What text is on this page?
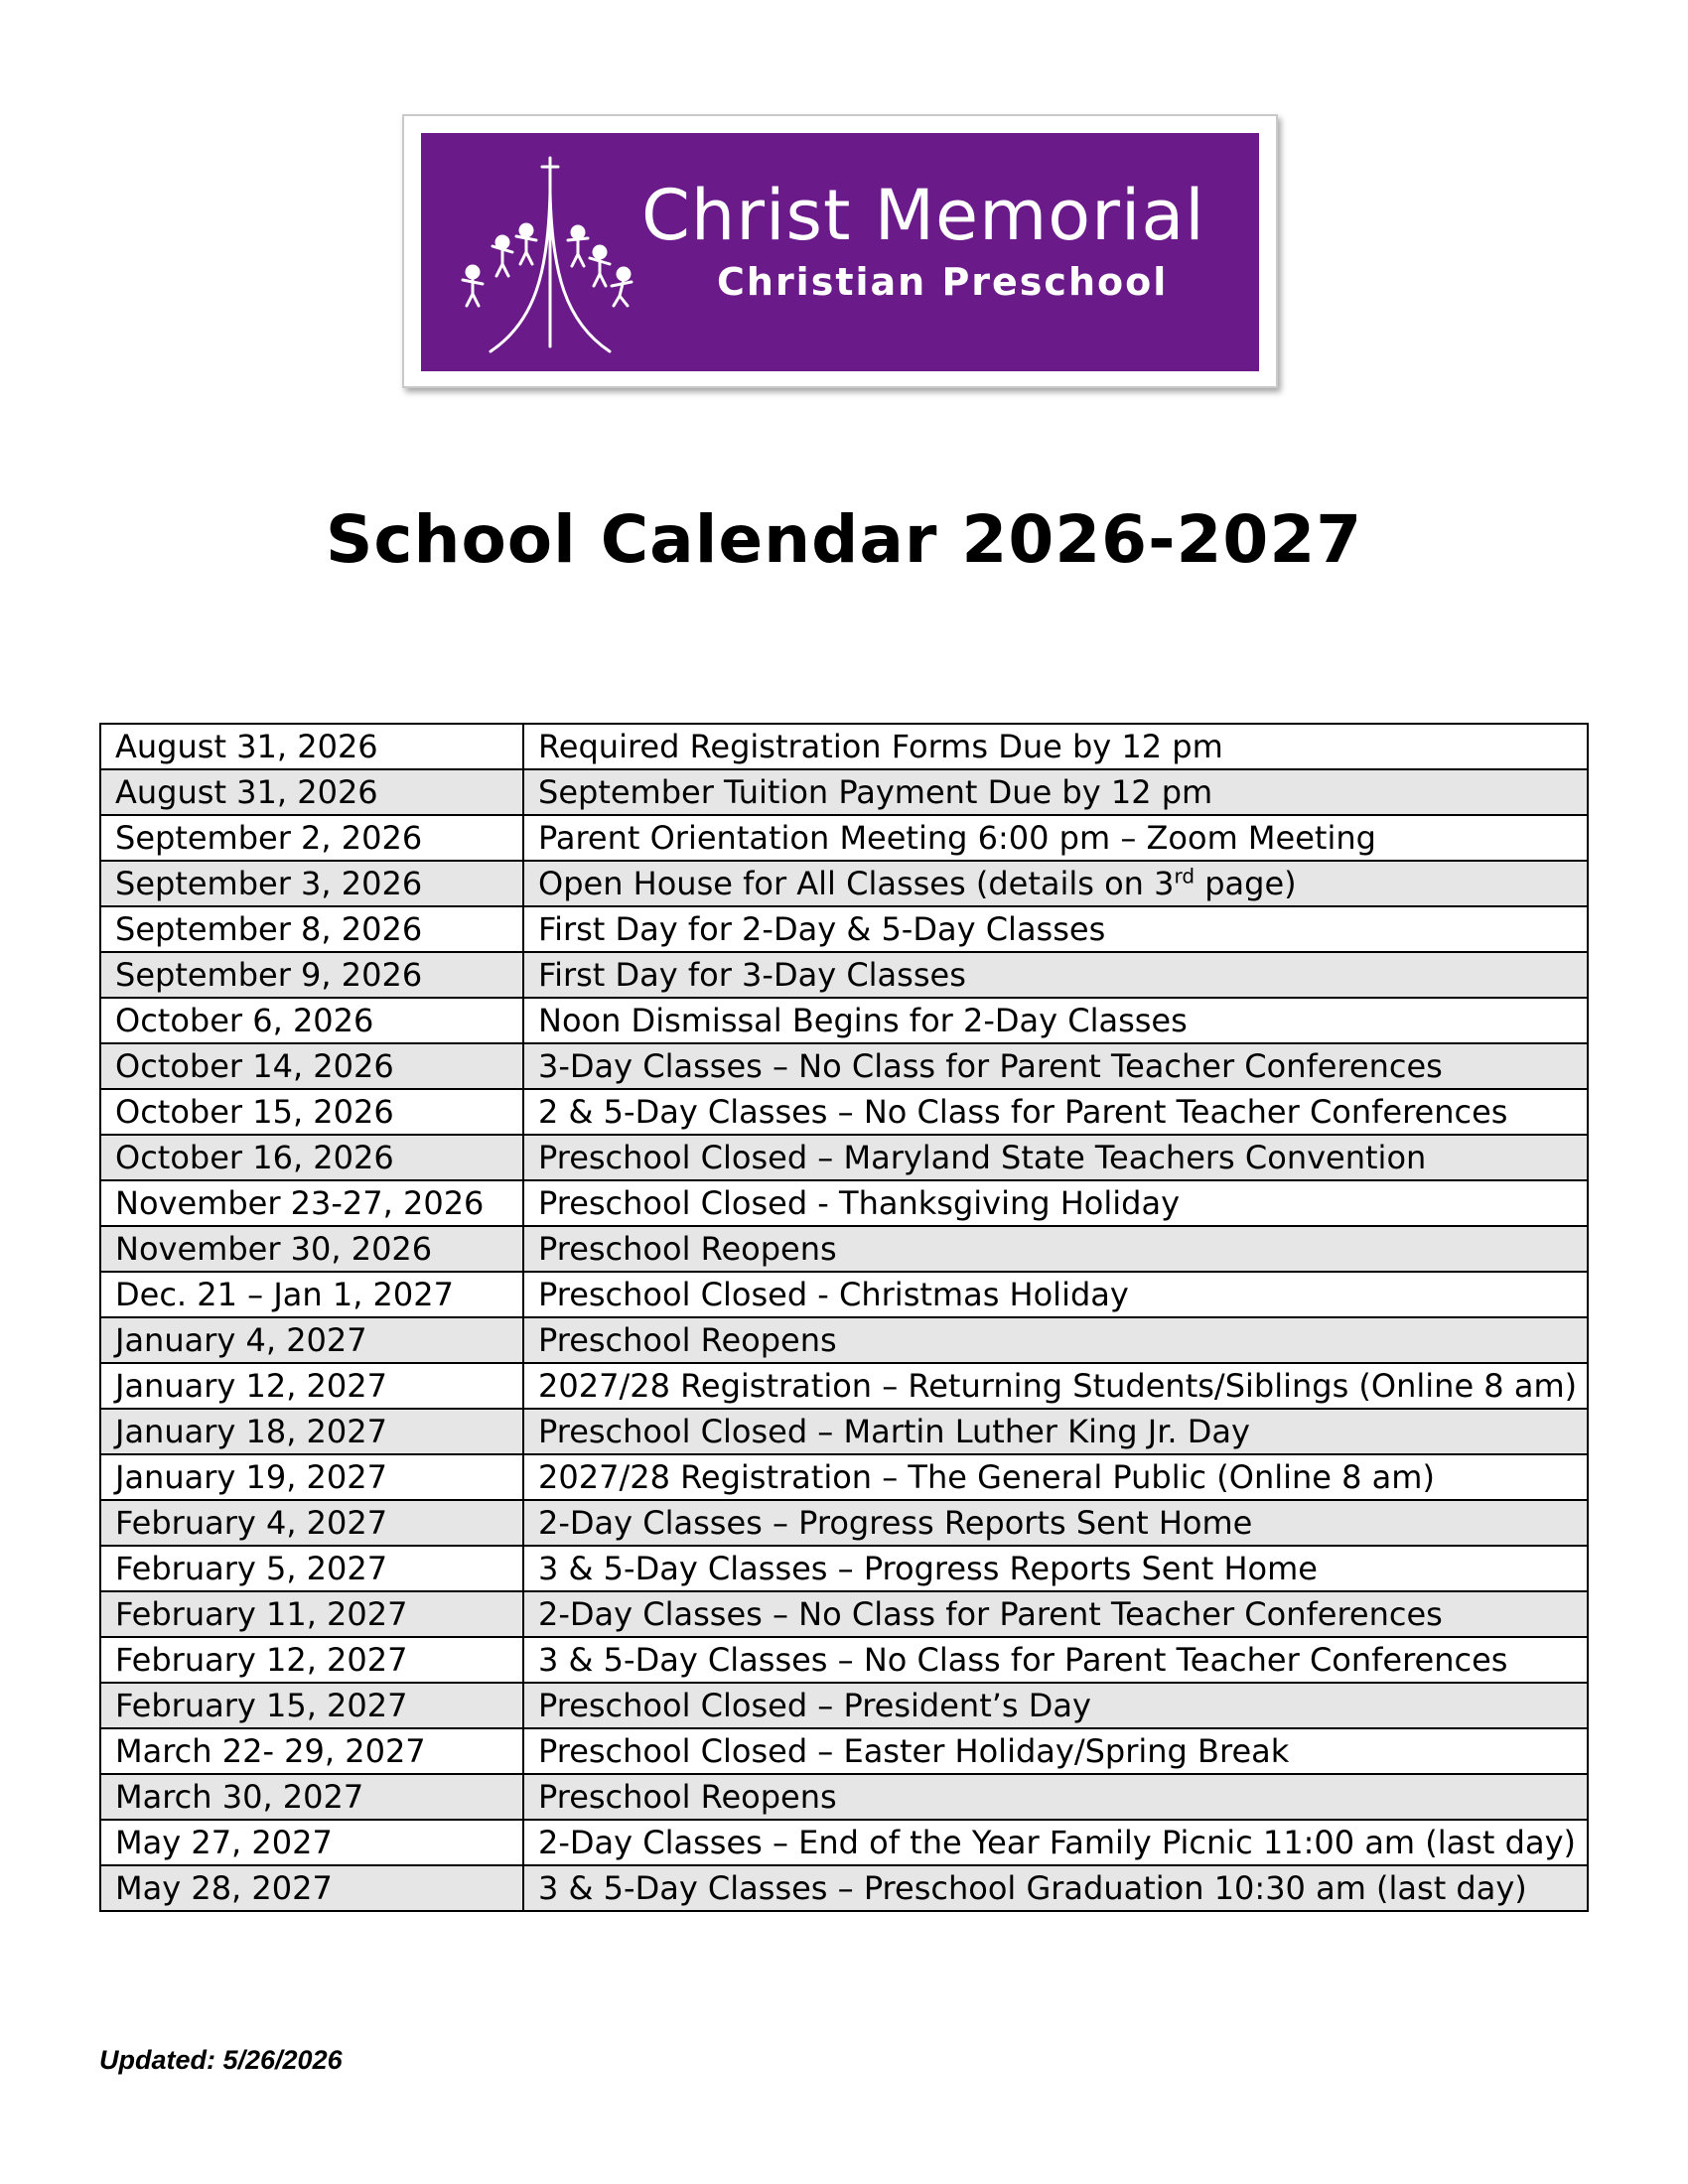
Christ Memorial
Christian Preschool
School Calendar 2026-2027
August 31, 2026	Required Registration Forms Due by 12 pm
August 31, 2026	September Tuition Payment Due by 12 pm
September 2, 2026	Parent Orientation Meeting 6:00 pm – Zoom Meeting
September 3, 2026	Open House for All Classes (details on 3rd page)
September 8, 2026	First Day for 2-Day & 5-Day Classes
September 9, 2026	First Day for 3-Day Classes
October 6, 2026	Noon Dismissal Begins for 2-Day Classes
October 14, 2026	3-Day Classes – No Class for Parent Teacher Conferences
October 15, 2026	2 & 5-Day Classes – No Class for Parent Teacher Conferences
October 16, 2026	Preschool Closed – Maryland State Teachers Convention
November 23-27, 2026	Preschool Closed - Thanksgiving Holiday
November 30, 2026	Preschool Reopens
Dec. 21 – Jan 1, 2027	Preschool Closed - Christmas Holiday
January 4, 2027	Preschool Reopens
January 12, 2027	2027/28 Registration – Returning Students/Siblings (Online 8 am)
January 18, 2027	Preschool Closed – Martin Luther King Jr. Day
January 19, 2027	2027/28 Registration – The General Public (Online 8 am)
February 4, 2027	2-Day Classes – Progress Reports Sent Home
February 5, 2027	3 & 5-Day Classes – Progress Reports Sent Home
February 11, 2027	2-Day Classes – No Class for Parent Teacher Conferences
February 12, 2027	3 & 5-Day Classes – No Class for Parent Teacher Conferences
February 15, 2027	Preschool Closed – President’s Day
March 22- 29, 2027	Preschool Closed – Easter Holiday/Spring Break
March 30, 2027	Preschool Reopens
May 27, 2027	2-Day Classes – End of the Year Family Picnic 11:00 am (last day)
May 28, 2027	3 & 5-Day Classes – Preschool Graduation 10:30 am (last day)
Updated: 5/26/2026
